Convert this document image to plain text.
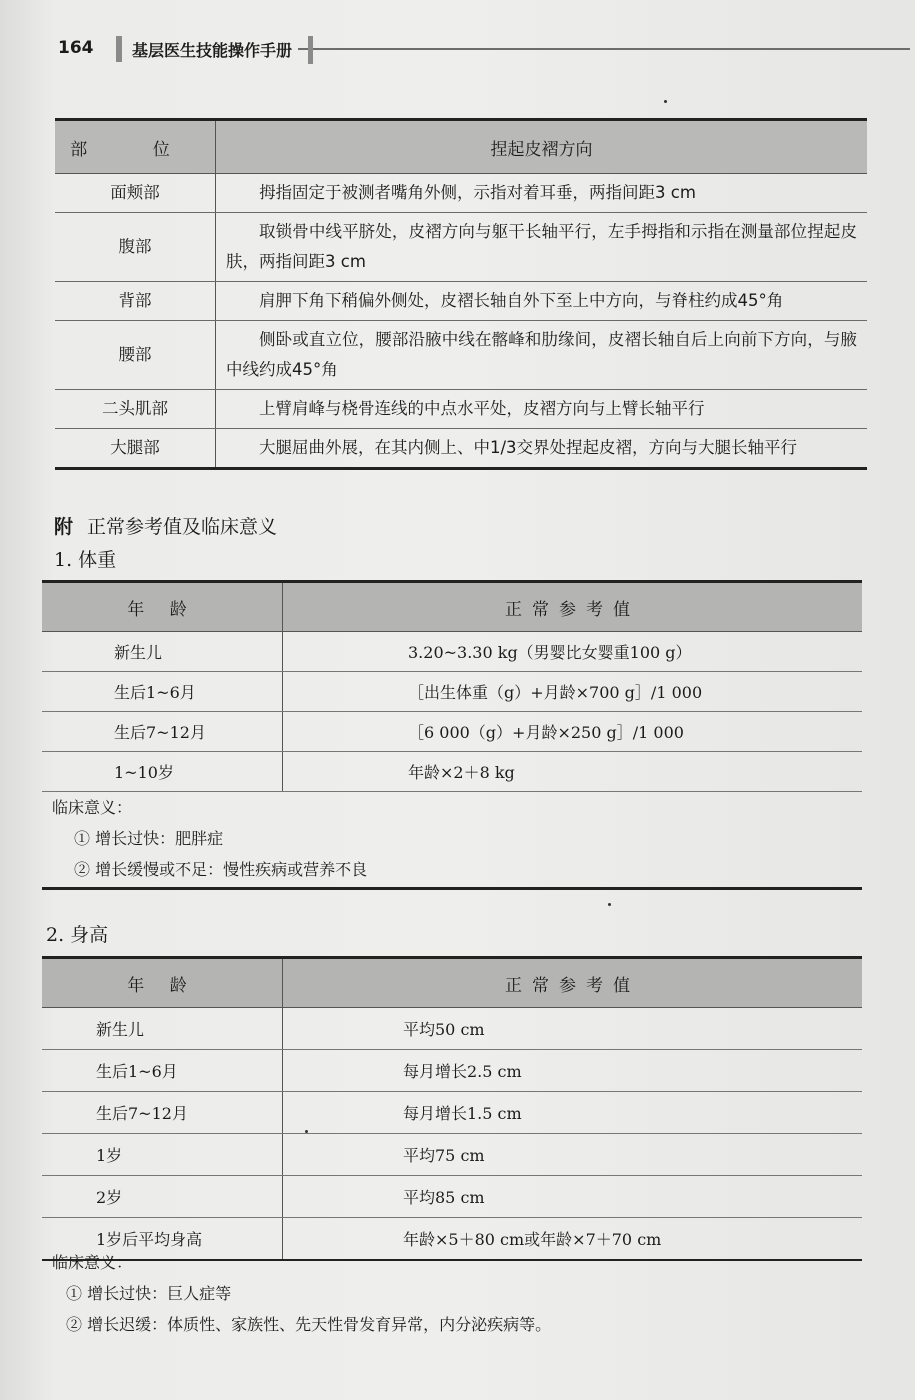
164 基层医生技能操作手册
部 位	捏起皮褶方向
面颊部	拇指固定于被测者嘴角外侧，示指对着耳垂，两指间距3 cm
腹部	取锁骨中线平脐处，皮褶方向与躯干长轴平行，左手拇指和示指在测量部位捏起皮肤，两指间距3 cm
背部	肩胛下角下稍偏外侧处，皮褶长轴自外下至上中方向，与脊柱约成45°角
腰部	侧卧或直立位，腰部沿腋中线在髂峰和肋缘间，皮褶长轴自后上向前下方向，与腋中线约成45°角
二头肌部	上臂肩峰与桡骨连线的中点水平处，皮褶方向与上臂长轴平行
大腿部	大腿屈曲外展，在其内侧上、中1/3交界处捏起皮褶，方向与大腿长轴平行
附 正常参考值及临床意义
1. 体重
年 龄	正常参考值
新生儿	3.20~3.30 kg（男婴比女婴重100 g）
生后1~6月	［出生体重（g）+月龄×700 g］/1 000
生后7~12月	［6 000（g）+月龄×250 g］/1 000
1~10岁	年龄×2＋8 kg
临床意义：
① 增长过快：肥胖症
② 增长缓慢或不足：慢性疾病或营养不良
2. 身高
年 龄	正常参考值
新生儿	平均50 cm
生后1~6月	每月增长2.5 cm
生后7~12月	每月增长1.5 cm
1岁	平均75 cm
2岁	平均85 cm
1岁后平均身高	年龄×5＋80 cm或年龄×7＋70 cm
临床意义：
① 增长过快：巨人症等
② 增长迟缓：体质性、家族性、先天性骨发育异常，内分泌疾病等。
